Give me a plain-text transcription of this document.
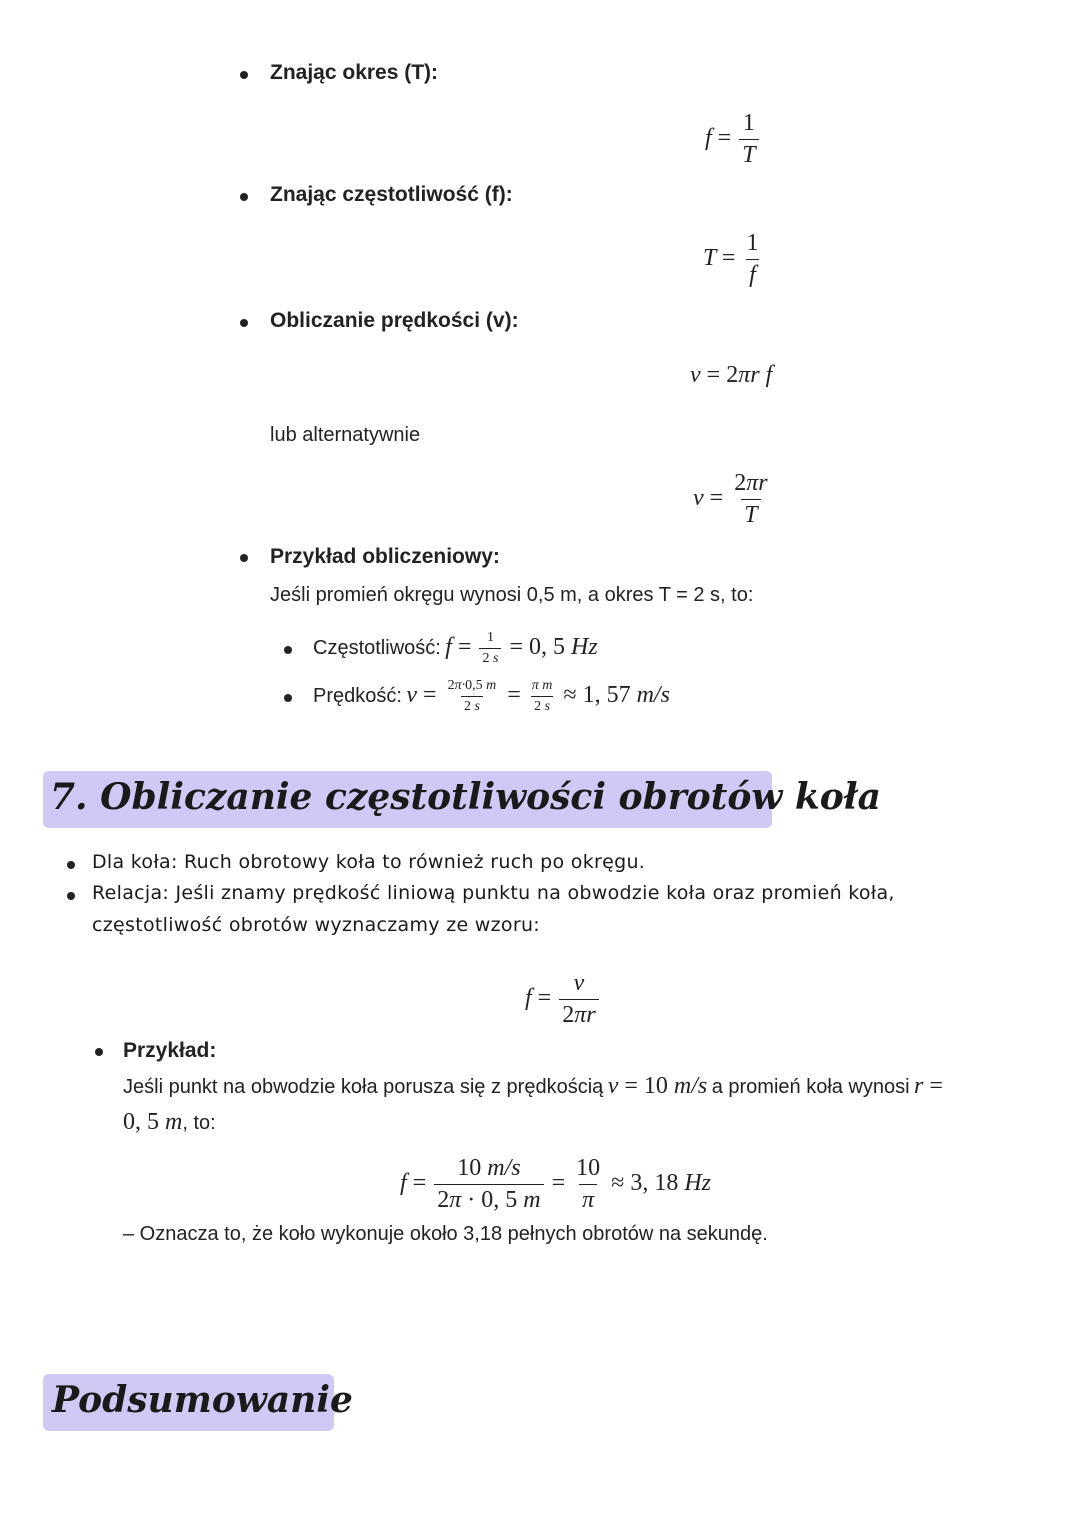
Znając okres (T):
$f = \frac{1}{T}$
Znając częstotliwość (f):
$T = \frac{1}{f}$
Obliczanie prędkości (v):
v = 2πr f
lub alternatywnie
$v = \frac{2\pi r}{T}$
Przykład obliczeniowy:
Jeśli promień okręgu wynosi 0,5 m, a okres T = 2 s, to:
Częstotliwość: $f = \frac{1}{2 s} = 0$, 5 Hz
Prędkość: $v = \frac{2\pi\cdot 0,5 m}{2 s} = \frac{\text{π m}}{2 s} \approx 1$, 57 m/s
7. Obliczanie częstotliwości obrotów koła
Dla koła: Ruch obrotowy koła to również ruch po okręgu.
Relacja: Jeśli znamy prędkość liniową punktu na obwodzie koła oraz promień koła,
częstotliwość obrotów wyznaczamy ze wzoru:
$f = \frac{v}{2\pi r}$
Przykład:
Jeśli punkt na obwodzie koła porusza się z prędkością v = 10 m/s a promień koła wynosi r =
0, 5 m, to:
$f = \frac{10 m/s}{2\pi \cdot 0, 5 m} = \frac{10}{\pi} \approx 3$, 18 Hz
– Oznacza to, że koło wykonuje około 3,18 pełnych obrotów na sekundę.
Podsumowanie
